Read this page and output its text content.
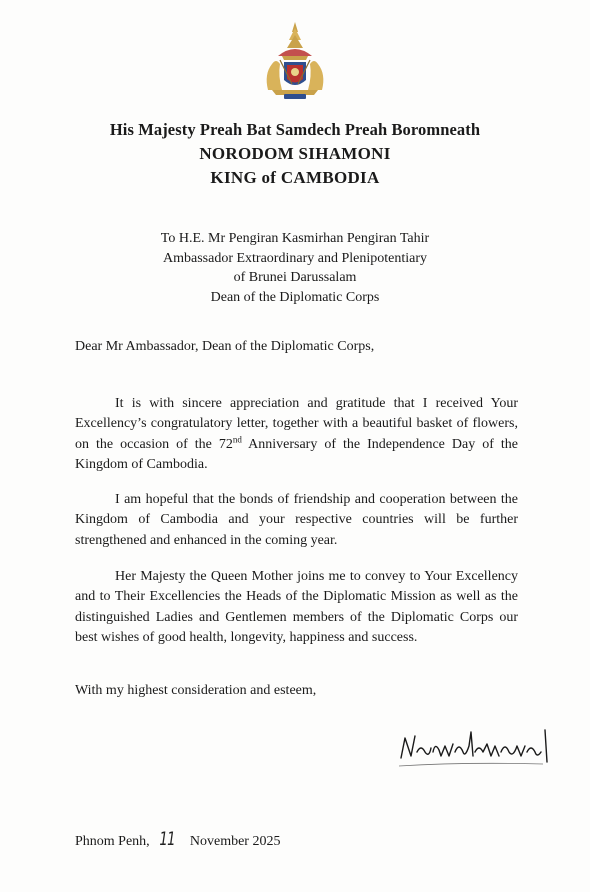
His Majesty Preah Bat Samdech Preah Boromneath
NORODOM SIHAMONI
KING of CAMBODIA
To H.E. Mr Pengiran Kasmirhan Pengiran Tahir
Ambassador Extraordinary and Plenipotentiary
of Brunei Darussalam
Dean of the Diplomatic Corps
Dear Mr Ambassador, Dean of the Diplomatic Corps,
It is with sincere appreciation and gratitude that I received Your Excellency’s congratulatory letter, together with a beautiful basket of flowers, on the occasion of the 72nd Anniversary of the Independence Day of the Kingdom of Cambodia.
I am hopeful that the bonds of friendship and cooperation between the Kingdom of Cambodia and your respective countries will be further strengthened and enhanced in the coming year.
Her Majesty the Queen Mother joins me to convey to Your Excellency and to Their Excellencies the Heads of the Diplomatic Mission as well as the distinguished Ladies and Gentlemen members of the Diplomatic Corps our best wishes of good health, longevity, happiness and success.
With my highest consideration and esteem,
Phnom Penh, 11 November 2025
